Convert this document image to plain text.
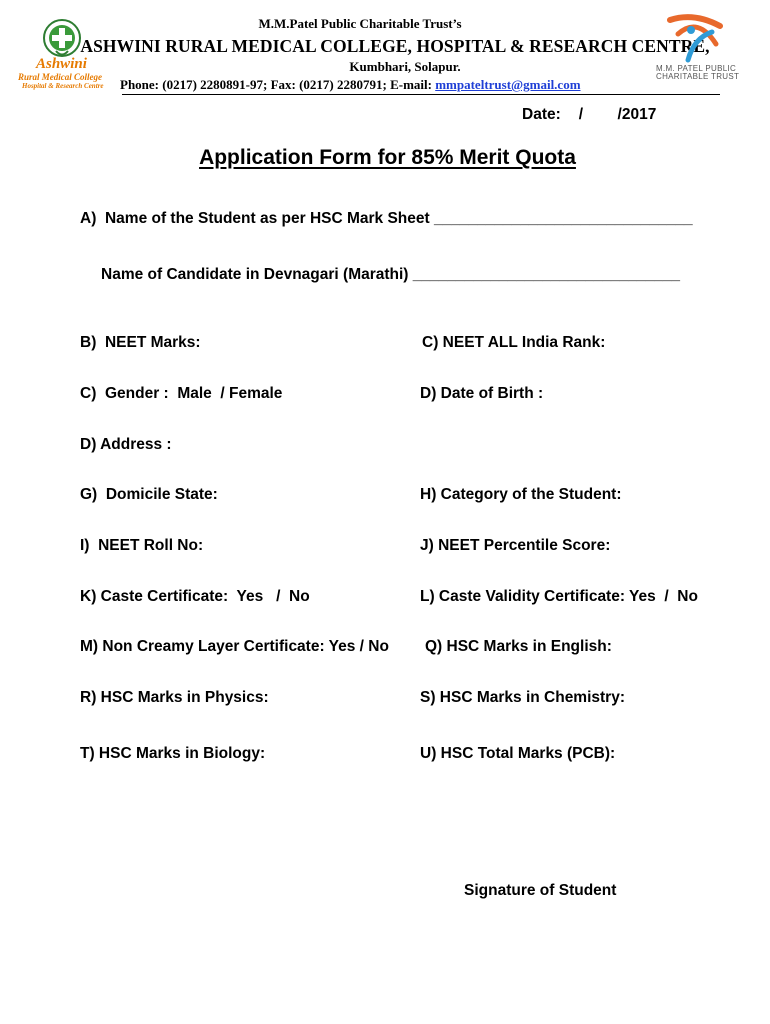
M.M.Patel Public Charitable Trust’s
ASHWINI RURAL MEDICAL COLLEGE, HOSPITAL & RESEARCH CENTRE,
Kumbhari, Solapur.
Phone: (0217) 2280891-97; Fax: (0217) 2280791; E-mail: mmpateltrust@gmail.com
Ashwini
Rural Medical College
Hospital & Research Centre
M.M. PATEL PUBLIC
CHARITABLE TRUST
Date: /        /2017
Application Form for 85% Merit Quota
A)  Name of the Student as per HSC Mark Sheet ______________________________
Name of Candidate in Devnagari (Marathi) _______________________________
B)  NEET Marks:	C) NEET ALL India Rank:
C)  Gender :  Male  / Female	D) Date of Birth :
D) Address :
G)  Domicile State:	H) Category of the Student:
I)  NEET Roll No:	J) NEET Percentile Score:
K) Caste Certificate:  Yes   /  No	L) Caste Validity Certificate: Yes  /  No
M) Non Creamy Layer Certificate: Yes / No Q) HSC Marks in English:
R) HSC Marks in Physics:	S) HSC Marks in Chemistry:
T) HSC Marks in Biology:	U) HSC Total Marks (PCB):
Signature of Student
